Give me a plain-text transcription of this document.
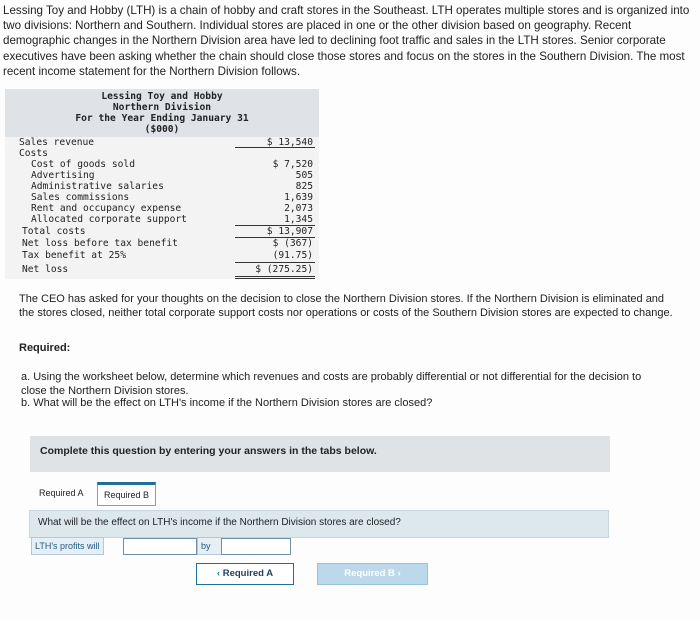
Lessing Toy and Hobby (LTH) is a chain of hobby and craft stores in the Southeast. LTH operates multiple stores and is organized into two divisions: Northern and Southern. Individual stores are placed in one or the other division based on geography. Recent demographic changes in the Northern Division area have led to declining foot traffic and sales in the LTH stores. Senior corporate executives have been asking whether the chain should close those stores and focus on the stores in the Southern Division. The most recent income statement for the Northern Division follows.
Lessing Toy and Hobby
Northern Division
For the Year Ending January 31
($000)
Sales revenue	$ 13,540
Costs
Cost of goods sold	$ 7,520
Advertising	505
Administrative salaries	825
Sales commissions	1,639
Rent and occupancy expense	2,073
Allocated corporate support	1,345
Total costs	$ 13,907
Net loss before tax benefit	$ (367)
Tax benefit at 25%	(91.75)
Net loss	$ (275.25)
The CEO has asked for your thoughts on the decision to close the Northern Division stores. If the Northern Division is eliminated and the stores closed, neither total corporate support costs nor operations or costs of the Southern Division stores are expected to change.
Required:
a. Using the worksheet below, determine which revenues and costs are probably differential or not differential for the decision to close the Northern Division stores.
b. What will be the effect on LTH's income if the Northern Division stores are closed?
Complete this question by entering your answers in the tabs below.
Required A	Required B
What will be the effect on LTH's income if the Northern Division stores are closed?
LTH's profits will	by
‹ Required A	Required B ›
